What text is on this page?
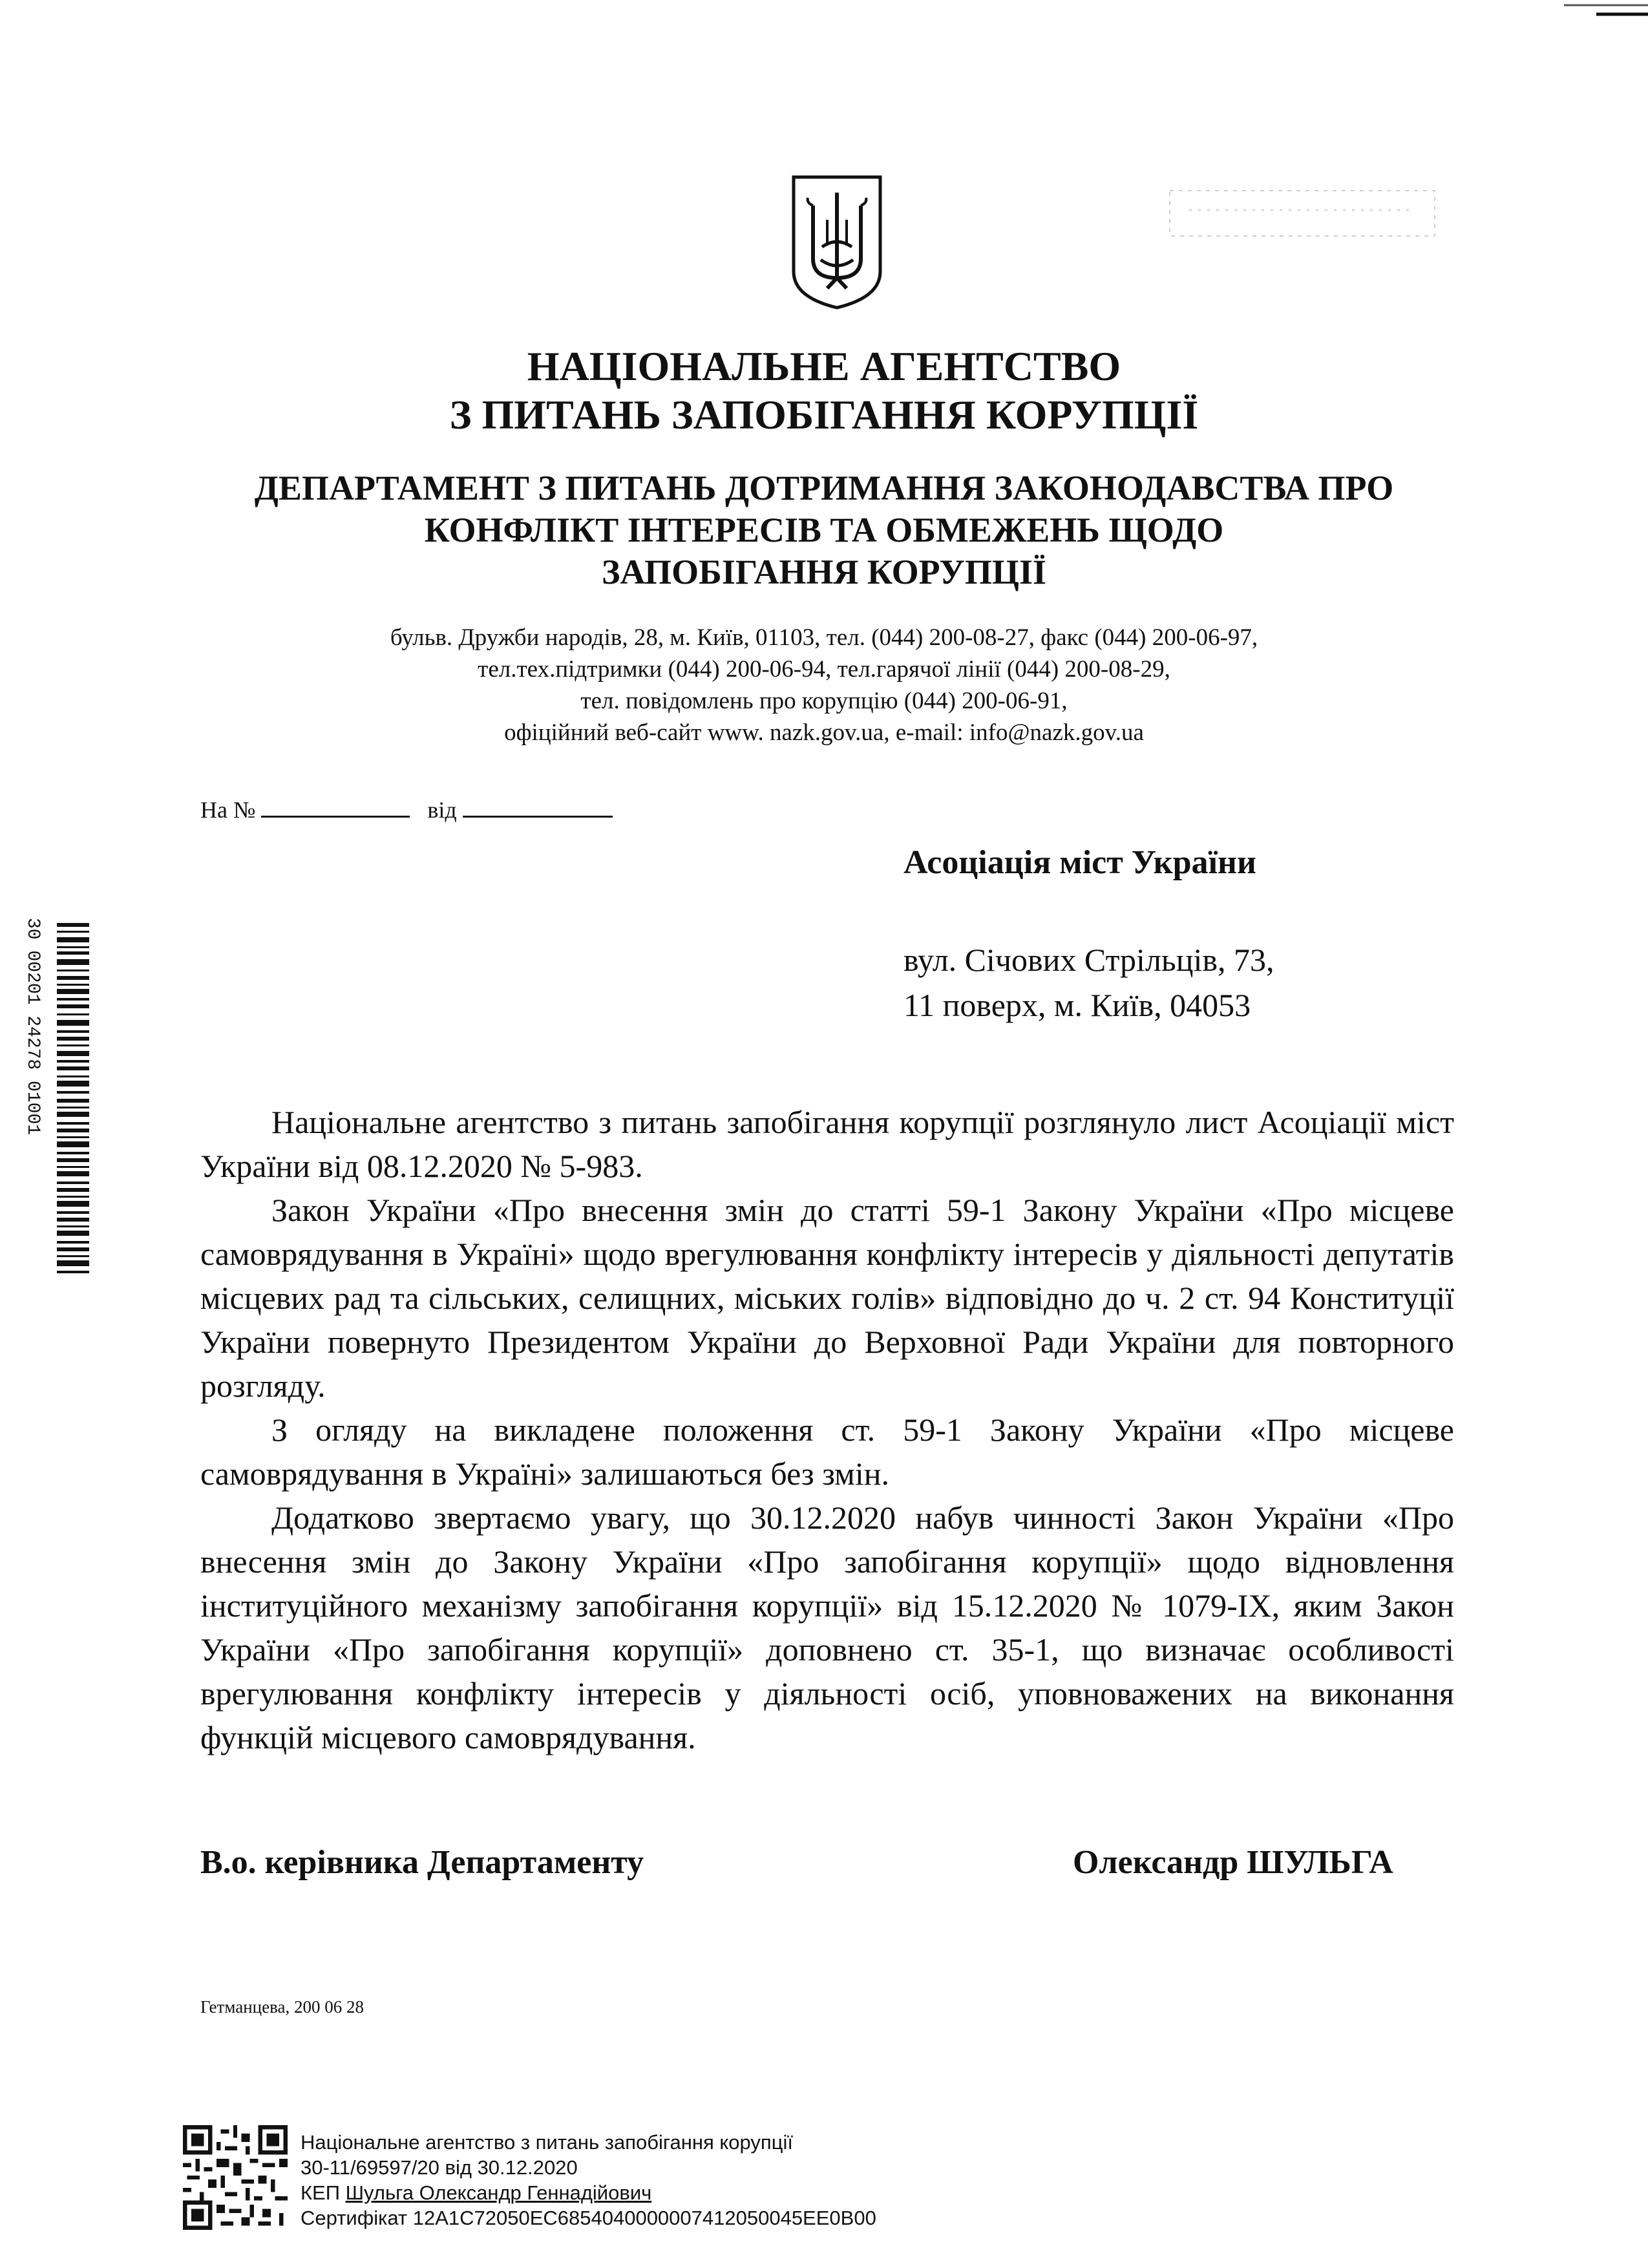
30 00201 24278 01001
НАЦІОНАЛЬНЕ АГЕНТСТВО
З ПИТАНЬ ЗАПОБІГАННЯ КОРУПЦІЇ
ДЕПАРТАМЕНТ З ПИТАНЬ ДОТРИМАННЯ ЗАКОНОДАВСТВА ПРО
КОНФЛІКТ ІНТЕРЕСІВ ТА ОБМЕЖЕНЬ ЩОДО
ЗАПОБІГАННЯ КОРУПЦІЇ
бульв. Дружби народів, 28, м. Київ, 01103, тел. (044) 200-08-27, факс (044) 200-06-97,
тел.тех.підтримки (044) 200-06-94, тел.гарячої лінії (044) 200-08-29,
тел. повідомлень про корупцію (044) 200-06-91,
офіційний веб-сайт www. nazk.gov.ua, e-mail: info@nazk.gov.ua
На №	від
Асоціація міст України
вул. Січових Стрільців, 73,
11 поверх, м. Київ, 04053

Національне агентство з питань запобігання корупції розглянуло лист Асоціації міст України від 08.12.2020 № 5-983.

Закон України «Про внесення змін до статті 59-1 Закону України «Про місцеве самоврядування в Україні» щодо врегулювання конфлікту інтересів у діяльності депутатів місцевих рад та сільських, селищних, міських голів» відповідно до ч. 2 ст. 94 Конституції України повернуто Президентом України до Верховної Ради України для повторного розгляду.

З огляду на викладене положення ст. 59-1 Закону України «Про місцеве самоврядування в Україні» залишаються без змін.

Додатково звертаємо увагу, що 30.12.2020 набув чинності Закон України «Про внесення змін до Закону України «Про запобігання корупції» щодо відновлення інституційного механізму запобігання корупції» від 15.12.2020 № 1079-IX, яким Закон України «Про запобігання корупції» доповнено ст. 35-1, що визначає особливості врегулювання конфлікту інтересів у діяльності осіб, уповноважених на виконання функцій місцевого самоврядування.

В.о. керівника Департаменту	Олександр ШУЛЬГА
Гетманцева, 200 06 28
Національне агентство з питань запобігання корупції
30-11/69597/20 від 30.12.2020
КЕП Шульга Олександр Геннадійович
Сертифікат 12A1C72050EC6854040000007412050045EE0B00
